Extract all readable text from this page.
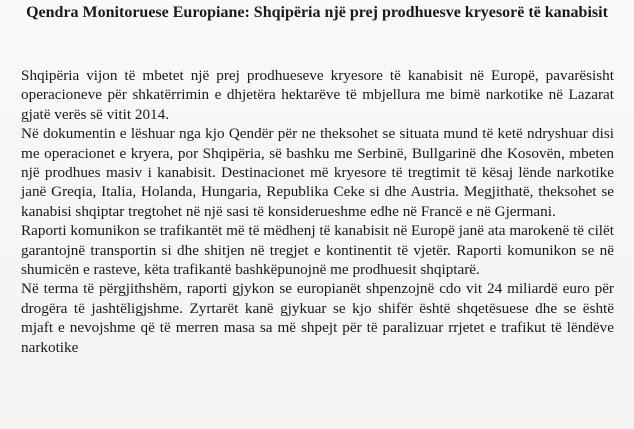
Qendra Monitoruese Europiane: Shqipëria një prej prodhuesve kryesorë të kanabisit

Shqipëria vijon të mbetet një prej prodhueseve kryesore të kanabisit në Europë, pavarësisht operacioneve për shkatërrimin e dhjetëra hektarëve të mbjellura me bimë narkotike në Lazarat gjatë verës së vitit 2014.

Në dokumentin e lëshuar nga kjo Qendër për ne theksohet se situata mund të ketë ndryshuar disi me operacionet e kryera, por Shqipëria, së bashku me Serbinë, Bullgarinë dhe Kosovën, mbeten një prodhues masiv i kanabisit. Destinacionet më kryesore të tregtimit të kësaj lënde narkotike janë Greqia, Italia, Holanda, Hungaria, Republika Ceke si dhe Austria. Megjithatë, theksohet se kanabisi shqiptar tregtohet në një sasi të konsiderueshme edhe në Francë e në Gjermani.

Raporti komunikon se trafikantët më të mëdhenj të kanabisit në Europë janë ata marokenë të cilët garantojnë transportin si dhe shitjen në tregjet e kontinentit të vjetër. Raporti komunikon se në shumicën e rasteve, këta trafikantë bashkëpunojnë me prodhuesit shqiptarë.

Në terma të përgjithshëm, raporti gjykon se europianët shpenzojnë cdo vit 24 miliardë euro për drogëra të jashtëligjshme. Zyrtarët kanë gjykuar se kjo shifër është shqetësuese dhe se është mjaft e nevojshme që të merren masa sa më shpejt për të paralizuar rrjetet e trafikut të lëndëve narkotike
